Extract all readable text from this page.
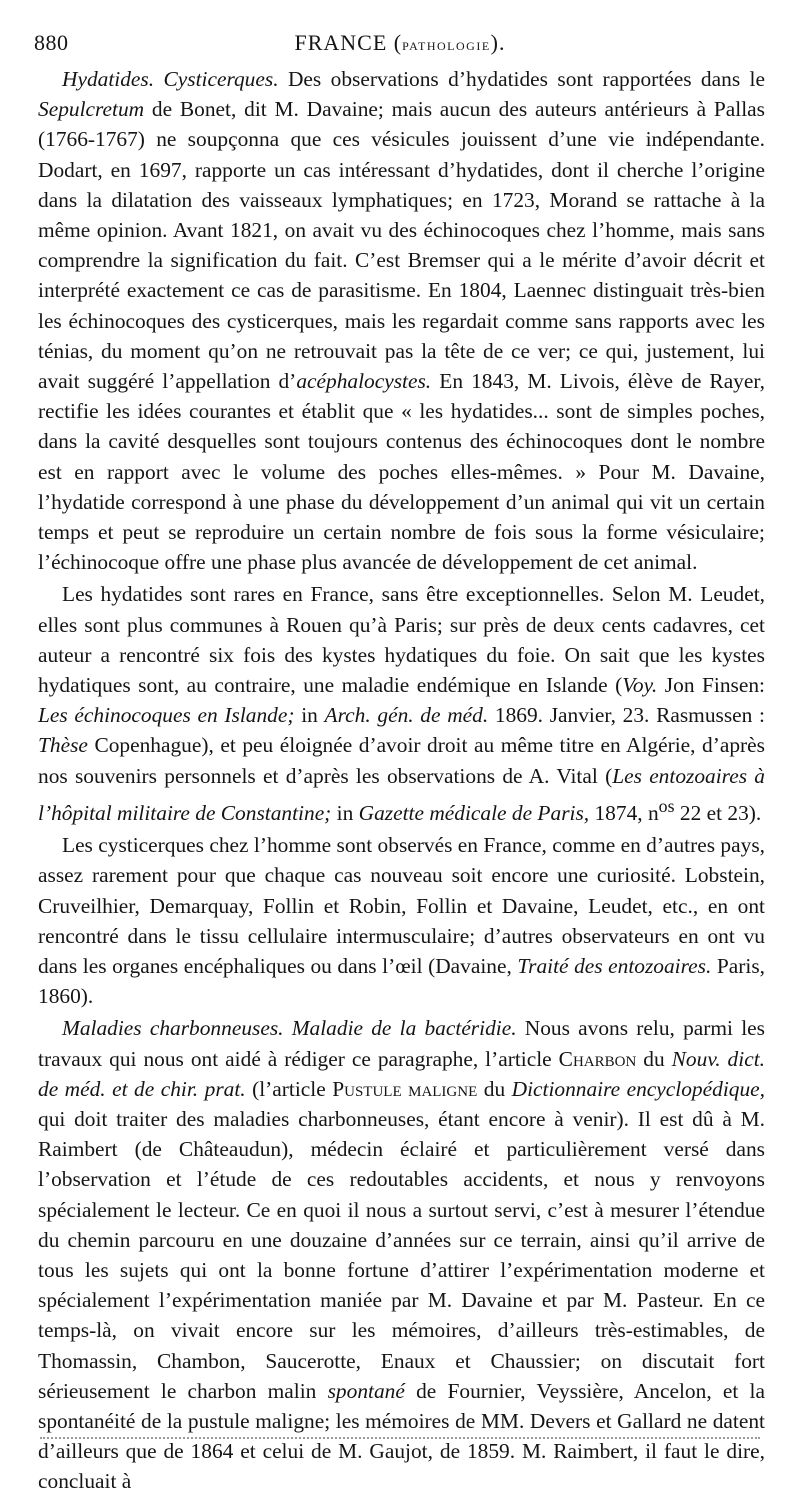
880	FRANCE (pathologie).

Hydatides. Cysticerques. Des observations d’hydatides sont rapportées dans le Sepulcretum de Bonet, dit M. Davaine; mais aucun des auteurs antérieurs à Pallas (1766-1767) ne soupçonna que ces vésicules jouissent d’une vie indépendante. Dodart, en 1697, rapporte un cas intéressant d’hydatides, dont il cherche l’origine dans la dilatation des vaisseaux lymphatiques; en 1723, Morand se rattache à la même opinion. Avant 1821, on avait vu des échinocoques chez l’homme, mais sans comprendre la signification du fait. C’est Bremser qui a le mérite d’avoir décrit et interprété exactement ce cas de parasitisme. En 1804, Laennec distinguait très-bien les échinocoques des cysticerques, mais les regardait comme sans rapports avec les ténias, du moment qu’on ne retrouvait pas la tête de ce ver; ce qui, justement, lui avait suggéré l’appellation d’acéphalocystes. En 1843, M. Livois, élève de Rayer, rectifie les idées courantes et établit que « les hydatides... sont de simples poches, dans la cavité desquelles sont toujours contenus des échinocoques dont le nombre est en rapport avec le volume des poches elles-mêmes. » Pour M. Davaine, l’hydatide correspond à une phase du développement d’un animal qui vit un certain temps et peut se reproduire un certain nombre de fois sous la forme vésiculaire; l’échinocoque offre une phase plus avancée de développement de cet animal.

Les hydatides sont rares en France, sans être exceptionnelles. Selon M. Leudet, elles sont plus communes à Rouen qu’à Paris; sur près de deux cents cadavres, cet auteur a rencontré six fois des kystes hydatiques du foie. On sait que les kystes hydatiques sont, au contraire, une maladie endémique en Islande (Voy. Jon Finsen: Les échinocoques en Islande; in Arch. gén. de méd. 1869. Janvier, 23. Rasmussen : Thèse Copenhague), et peu éloignée d’avoir droit au même titre en Algérie, d’après nos souvenirs personnels et d’après les observations de A. Vital (Les entozoaires à l’hôpital militaire de Constantine; in Gazette médicale de Paris, 1874, $n^{os}$ 22 et 23).

Les cysticerques chez l’homme sont observés en France, comme en d’autres pays, assez rarement pour que chaque cas nouveau soit encore une curiosité. Lobstein, Cruveilhier, Demarquay, Follin et Robin, Follin et Davaine, Leudet, etc., en ont rencontré dans le tissu cellulaire intermusculaire; d’autres observateurs en ont vu dans les organes encéphaliques ou dans l’œil (Davaine, Traité des entozoaires. Paris, 1860).

Maladies charbonneuses. Maladie de la bactéridie. Nous avons relu, parmi les travaux qui nous ont aidé à rédiger ce paragraphe, l’article Charbon du Nouv. dict. de méd. et de chir. prat. (l’article Pustule maligne du Dictionnaire encyclopédique, qui doit traiter des maladies charbonneuses, étant encore à venir). Il est dû à M. Raimbert (de Châteaudun), médecin éclairé et particulièrement versé dans l’observation et l’étude de ces redoutables accidents, et nous y renvoyons spécialement le lecteur. Ce en quoi il nous a surtout servi, c’est à mesurer l’étendue du chemin parcouru en une douzaine d’années sur ce terrain, ainsi qu’il arrive de tous les sujets qui ont la bonne fortune d’attirer l’expérimentation moderne et spécialement l’expérimentation maniée par M. Davaine et par M. Pasteur. En ce temps-là, on vivait encore sur les mémoires, d’ailleurs très-estimables, de Thomassin, Chambon, Saucerotte, Enaux et Chaussier; on discutait fort sérieusement le charbon malin spontané de Fournier, Veyssière, Ancelon, et la spontanéité de la pustule maligne; les mémoires de MM. Devers et Gallard ne datent d’ailleurs que de 1864 et celui de M. Gaujot, de 1859. M. Raimbert, il faut le dire, concluait à
